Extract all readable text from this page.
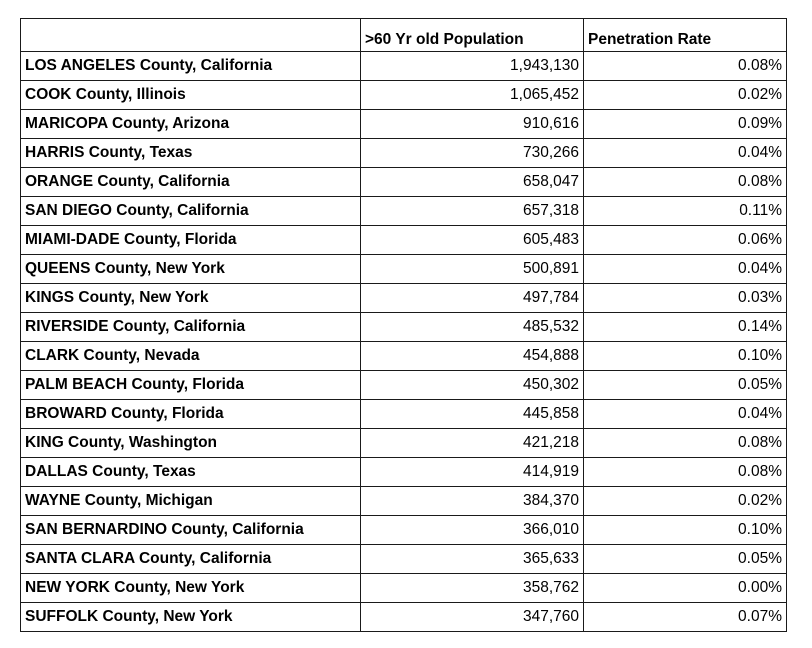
	>60 Yr old Population	Penetration Rate
LOS ANGELES County, California	1,943,130	0.08%
COOK County, Illinois	1,065,452	0.02%
MARICOPA County, Arizona	910,616	0.09%
HARRIS County, Texas	730,266	0.04%
ORANGE County, California	658,047	0.08%
SAN DIEGO County, California	657,318	0.11%
MIAMI-DADE County, Florida	605,483	0.06%
QUEENS County, New York	500,891	0.04%
KINGS County, New York	497,784	0.03%
RIVERSIDE County, California	485,532	0.14%
CLARK County, Nevada	454,888	0.10%
PALM BEACH County, Florida	450,302	0.05%
BROWARD County, Florida	445,858	0.04%
KING County, Washington	421,218	0.08%
DALLAS County, Texas	414,919	0.08%
WAYNE County, Michigan	384,370	0.02%
SAN BERNARDINO County, California	366,010	0.10%
SANTA CLARA County, California	365,633	0.05%
NEW YORK County, New York	358,762	0.00%
SUFFOLK County, New York	347,760	0.07%
